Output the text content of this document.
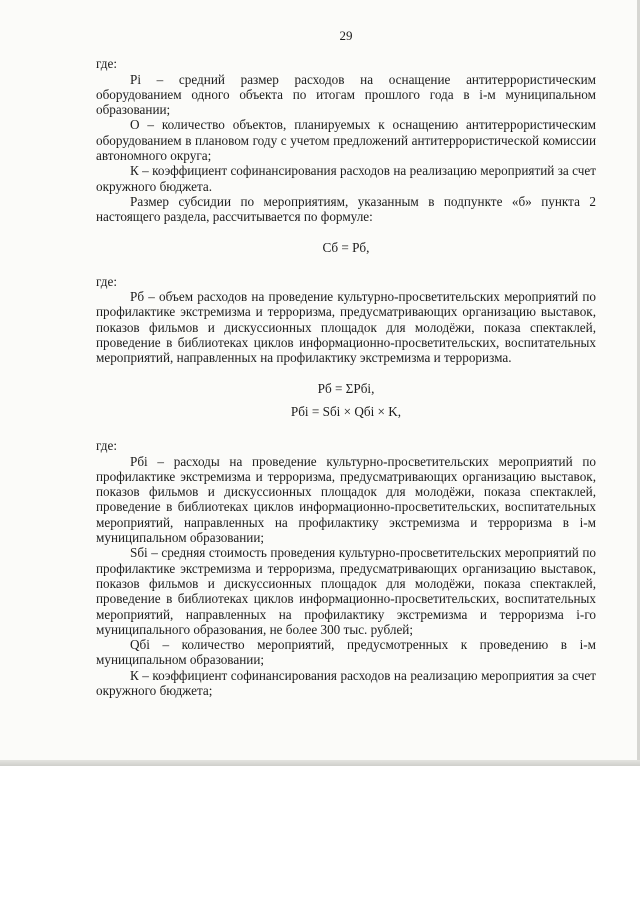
29

где:

Pi – средний размер расходов на оснащение антитеррористическим оборудованием одного объекта по итогам прошлого года в i-м муниципальном образовании;

О – количество объектов, планируемых к оснащению антитеррористическим оборудованием в плановом году с учетом предложений антитеррористической комиссии автономного округа;

К – коэффициент софинансирования расходов на реализацию мероприятий за счет окружного бюджета.

Размер субсидии по мероприятиям, указанным в подпункте «б» пункта 2 настоящего раздела, рассчитывается по формуле:

Cб = Pб,

где:

Pб – объем расходов на проведение культурно-просветительских мероприятий по профилактике экстремизма и терроризма, предусматривающих организацию выставок, показов фильмов и дискуссионных площадок для молодёжи, показа спектаклей, проведение в библиотеках циклов информационно-просветительских, воспитательных мероприятий, направленных на профилактику экстремизма и терроризма.

Pб = ΣPбi,

Pбi = Sбi × Qбi × K,

где:

Pбi – расходы на проведение культурно-просветительских мероприятий по профилактике экстремизма и терроризма, предусматривающих организацию выставок, показов фильмов и дискуссионных площадок для молодёжи, показа спектаклей, проведение в библиотеках циклов информационно-просветительских, воспитательных мероприятий, направленных на профилактику экстремизма и терроризма в i-м муниципальном образовании;

Sбi – средняя стоимость проведения культурно-просветительских мероприятий по профилактике экстремизма и терроризма, предусматривающих организацию выставок, показов фильмов и дискуссионных площадок для молодёжи, показа спектаклей, проведение в библиотеках циклов информационно-просветительских, воспитательных мероприятий, направленных на профилактику экстремизма и терроризма i-го муниципального образования, не более 300 тыс. рублей;

Qбi – количество мероприятий, предусмотренных к проведению в i-м муниципальном образовании;

К – коэффициент софинансирования расходов на реализацию мероприятия за счет окружного бюджета;
